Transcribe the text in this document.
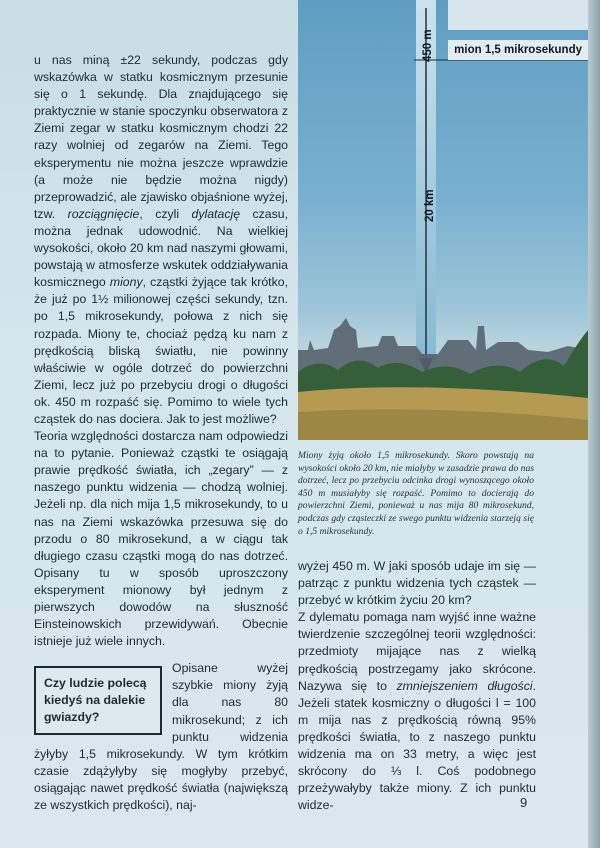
u nas miną ±22 sekundy, podczas gdy wskazówka w statku kosmicznym przesunie się o 1 sekundę. Dla znajdującego się praktycznie w stanie spoczynku obserwatora z Ziemi zegar w statku kosmicznym chodzi 22 razy wolniej od zegarów na Ziemi. Tego eksperymentu nie można jeszcze wprawdzie (a może nie będzie można nigdy) przeprowadzić, ale zjawisko objaśnione wyżej, tzw. rozciągnięcie, czyli dylatację czasu, można jednak udowodnić. Na wielkiej wysokości, około 20 km nad naszymi głowami, powstają w atmosferze wskutek oddziaływania kosmicznego miony, cząstki żyjące tak krótko, że już po 1½ milionowej części sekundy, tzn. po 1,5 mikrosekundy, połowa z nich się rozpada. Miony te, chociaż pędzą ku nam z prędkością bliską światłu, nie powinny właściwie w ogóle dotrzeć do powierzchni Ziemi, lecz już po przebyciu drogi o długości ok. 450 m rozpaść się. Pomimo to wiele tych cząstek do nas dociera. Jak to jest możliwe?

Teoria względności dostarcza nam odpowiedzi na to pytanie. Ponieważ cząstki te osiągają prawie prędkość światła, ich „zegary” — z naszego punktu widzenia — chodzą wolniej. Jeżeli np. dla nich mija 1,5 mikrosekundy, to u nas na Ziemi wskazówka przesuwa się do przodu o 80 mikrosekund, a w ciągu tak długiego czasu cząstki mogą do nas dotrzeć. Opisany tu w sposób uproszczony eksperyment mionowy był jednym z pierwszych dowodów na słuszność Einsteinowskich przewidywań. Obecnie istnieje już wiele innych.

Czy ludzie polecą kiedyś na dalekie gwiazdy?
Opisane wyżej szybkie miony żyją dla nas 80 mikrosekund; z ich punktu widzenia żyłyby 1,5 mikrosekundy. W tym krótkim czasie zdążyłyby się mogłyby przebyć, osiągając nawet prędkość światła (największą ze wszystkich prędkości), naj-

450 m
20 km
mion 1,5 mikrosekundy
Miony żyją około 1,5 mikrosekundy. Skoro powstają na wysokości około 20 km, nie miałyby w zasadzie prawa do nas dotrzeć, lecz po przebyciu odcinka drogi wynoszącego około 450 m musiałyby się rozpaść. Pomimo to docierają do powierzchni Ziemi, ponieważ u nas mija 80 mikrosekund, podczas gdy cząsteczki ze swego punktu widzenia starzeją się o 1,5 mikrosekundy.

wyżej 450 m. W jaki sposób udaje im się — patrząc z punktu widzenia tych cząstek — przebyć w krótkim życiu 20 km?

Z dylematu pomaga nam wyjść inne ważne twierdzenie szczególnej teorii względności: przedmioty mijające nas z wielką prędkością postrzegamy jako skrócone. Nazywa się to zmniejszeniem długości. Jeżeli statek kosmiczny o długości l = 100 m mija nas z prędkością równą 95% prędkości światła, to z naszego punktu widzenia ma on 33 metry, a więc jest skrócony do ⅓ l. Coś podobnego przeżywałyby także miony. Z ich punktu widze-	9
